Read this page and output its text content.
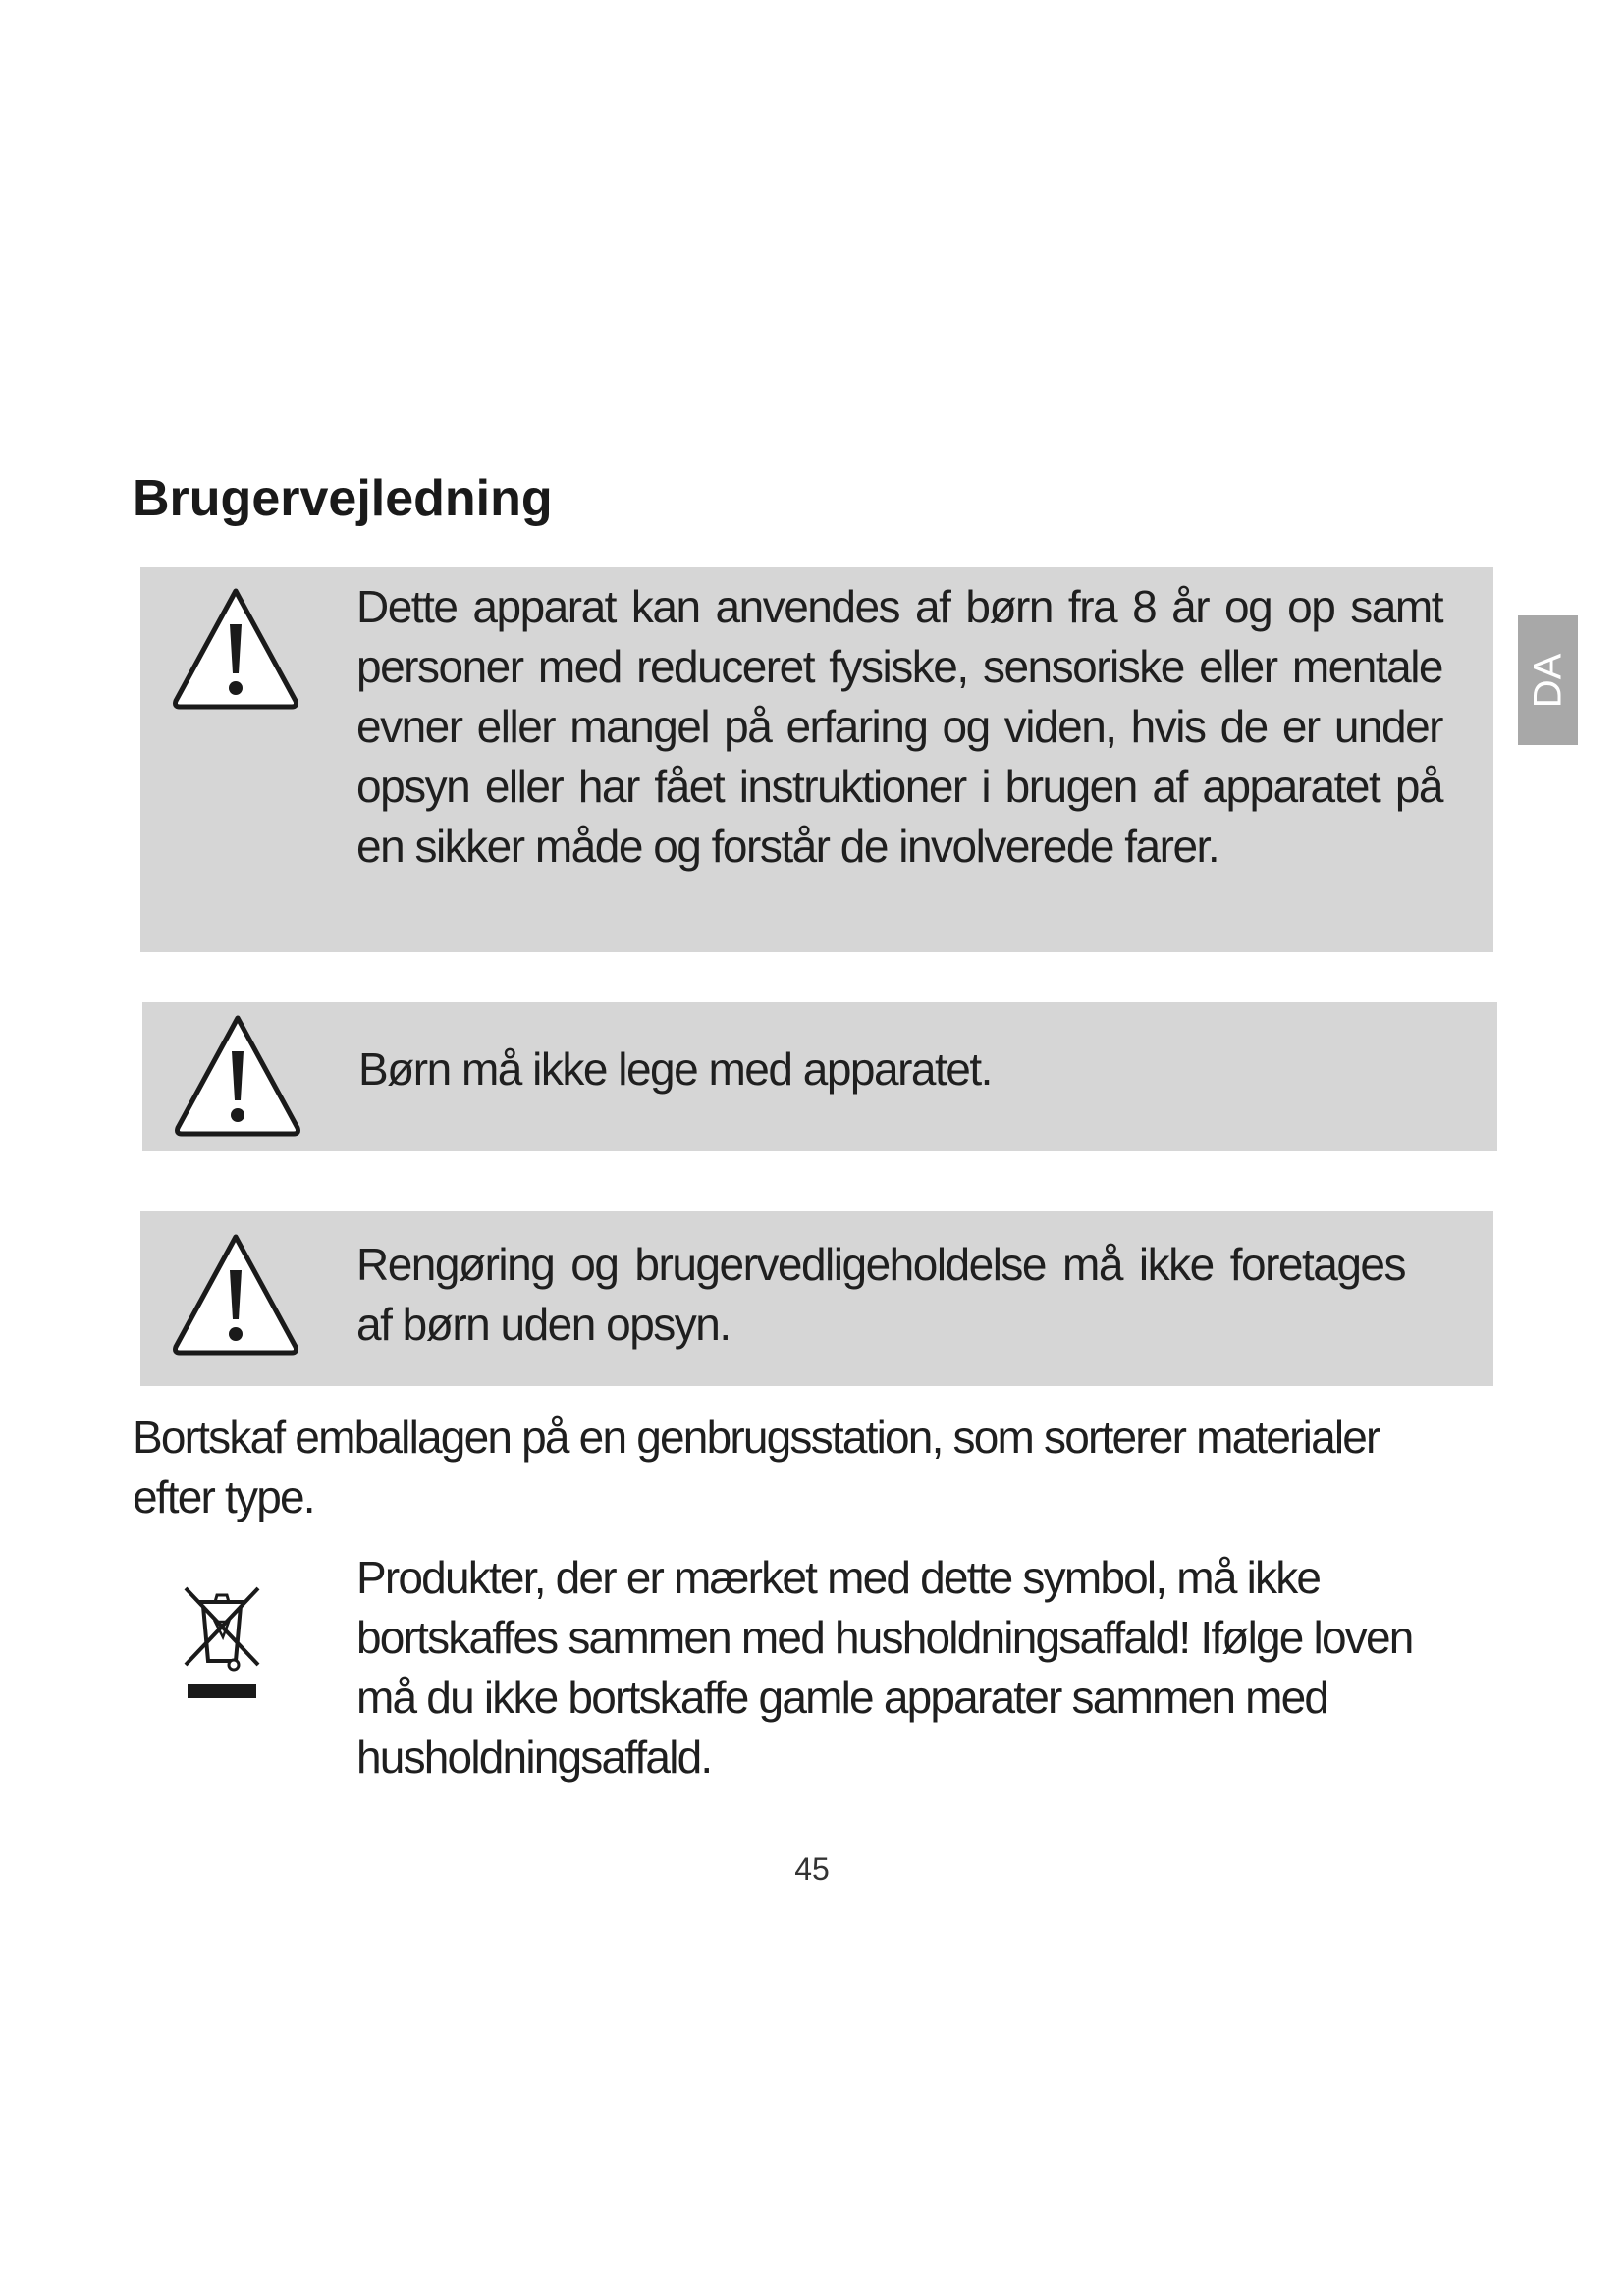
Brugervejledning
DA

Dette apparat kan anvendes af børn fra 8 år og op samt personer med reduceret fysiske, sensoriske eller mentale evner eller mangel på erfaring og viden, hvis de er under opsyn eller har fået instruktioner i brugen af apparatet på en sikker måde og forstår de involverede farer.

Børn må ikke lege med apparatet.

Rengøring og brugervedligeholdelse må ikke foretages af børn uden opsyn.

Bortskaf emballagen på en genbrugsstation, som sorterer materialer efter type.

Produkter, der er mærket med dette symbol, må ikke bortskaffes sammen med husholdningsaffald! Ifølge loven må du ikke bortskaffe gamle apparater sammen med husholdningsaffald.

45
